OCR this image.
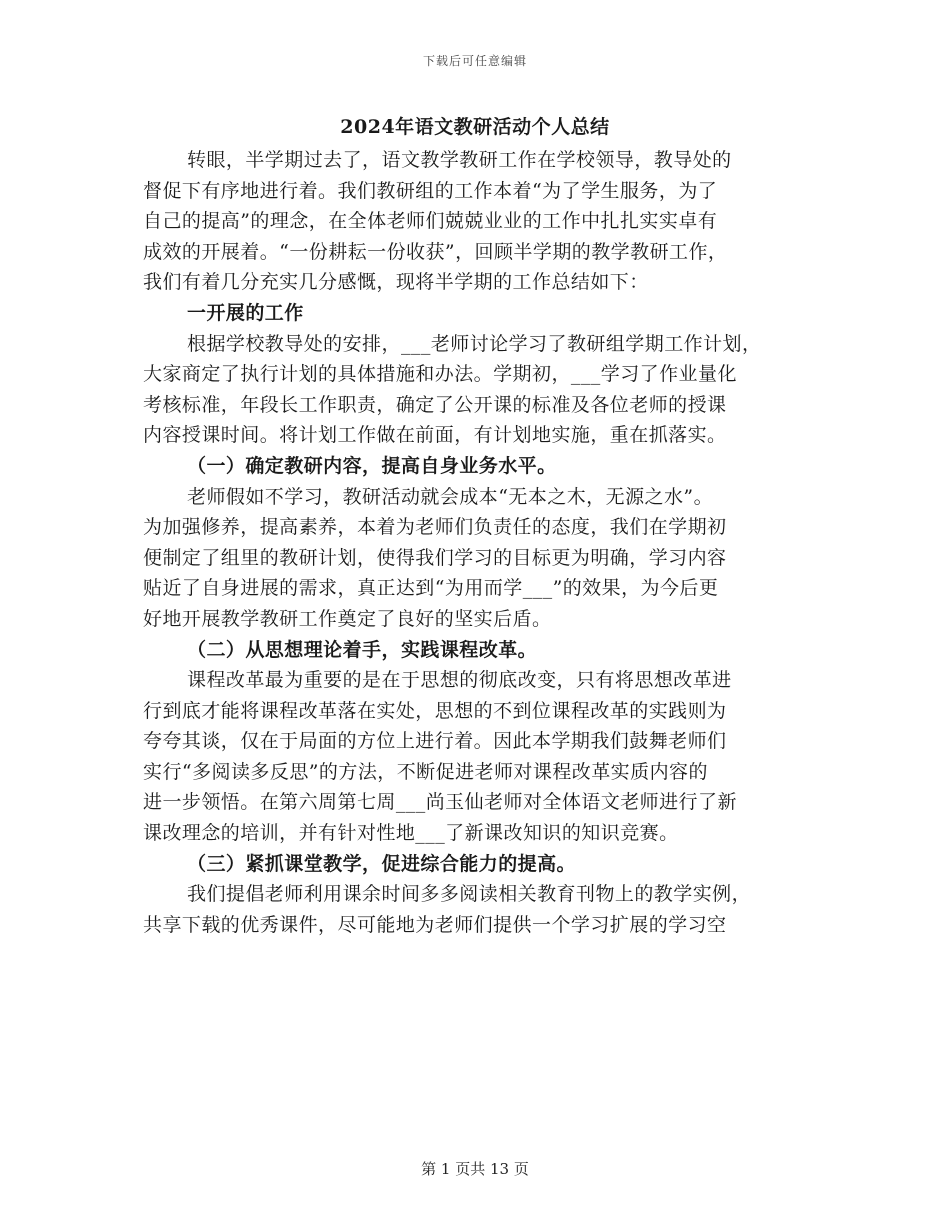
下载后可任意编辑
2024年语文教研活动个人总结
转眼，半学期过去了，语文教学教研工作在学校领导，教导处的
督促下有序地进行着。我们教研组的工作本着“为了学生服务，为了
自己的提高”的理念，在全体老师们兢兢业业的工作中扎扎实实卓有
成效的开展着。“一份耕耘一份收获”，回顾半学期的教学教研工作，
我们有着几分充实几分感慨，现将半学期的工作总结如下：
一开展的工作
根据学校教导处的安排，___老师讨论学习了教研组学期工作计划，
大家商定了执行计划的具体措施和办法。学期初，___学习了作业量化
考核标准，年段长工作职责，确定了公开课的标准及各位老师的授课
内容授课时间。将计划工作做在前面，有计划地实施，重在抓落实。
（一）确定教研内容，提高自身业务水平。
老师假如不学习，教研活动就会成本“无本之木，无源之水”。
为加强修养，提高素养，本着为老师们负责任的态度，我们在学期初
便制定了组里的教研计划，使得我们学习的目标更为明确，学习内容
贴近了自身进展的需求，真正达到“为用而学___”的效果，为今后更
好地开展教学教研工作奠定了良好的坚实后盾。
（二）从思想理论着手，实践课程改革。
课程改革最为重要的是在于思想的彻底改变，只有将思想改革进
行到底才能将课程改革落在实处，思想的不到位课程改革的实践则为
夸夸其谈，仅在于局面的方位上进行着。因此本学期我们鼓舞老师们
实行“多阅读多反思”的方法，不断促进老师对课程改革实质内容的
进一步领悟。在第六周第七周___尚玉仙老师对全体语文老师进行了新
课改理念的培训，并有针对性地___了新课改知识的知识竞赛。
（三）紧抓课堂教学，促进综合能力的提高。
我们提倡老师利用课余时间多多阅读相关教育刊物上的教学实例，
共享下载的优秀课件，尽可能地为老师们提供一个学习扩展的学习空
第 1 页共 13 页
